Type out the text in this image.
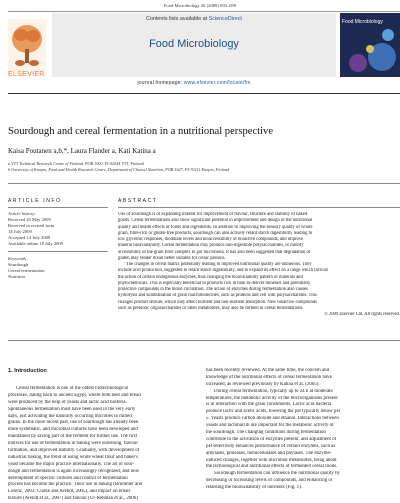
Food Microbiology 26 (2009) 693–699
ELSEVIER
Contents lists available at ScienceDirect
Food Microbiology
journal homepage: www.elsevier.com/locate/fm
Food Microbiology
Sourdough and cereal fermentation in a nutritional perspective
Kaisa Poutanen a,b,*, Laura Flander a, Kati Katina a
a VTT Technical Research Centre of Finland, POB 1000, FI-02044 VTT, Finland
b University of Kuopio, Food and Health Research Centre, Department of Clinical Nutrition, POB 1627, FI-70211 Kuopio, Finland
ARTICLE INFO
Article history:
Received 20 May 2009
Received in revised form
14 July 2009
Accepted 14 July 2009
Available online 18 July 2009
Keywords:
Sourdough
Cereal fermentation
Nutrition
ABSTRACT
Use of sourdough is of expanding interest for improvement of flavour, structure and stability of baked
goods. Cereal fermentations also show significant potential in improvement and design of the nutritional
quality and health effects of foods and ingredients. In addition to improving the sensory quality of whole
grain, fibre-rich or gluten-free products, sourdough can also actively retard starch digestibility leading to
low glycemic responses, modulate levels and bioaccessibility of bioactive compounds, and improve
mineral bioavailability. Cereal fermentation may produce non-digestible polysaccharides, or modify
accessibility of the grain fibre complex to gut microbiota. It has also been suggested that degradation of
gluten may render bread better suitable for celiac persons.
The changes in cereal matrix potentially leading to improved nutritional quality are numerous. They
include acid production, suggested to retard starch digestibility, and to expand its effect on a range which favours
the action of certain endogenous enzymes, thus changing the bioavailability pattern of minerals and
phytochemicals. This is especially beneficial in products rich in bran to deliver minerals and potentially
protective compounds in the blood circulation. The action of enzymes during fermentation also causes
hydrolysis and solubilisation of grain macromolecules, such as proteins and cell wall polysaccharides. This
changes product texture, which may affect nutrient and non-nutrient absorption. New bioactive compounds
such as prebiotic oligosaccharides or other metabolites, may also be formed in cereal fermentations.
© 2009 Elsevier Ltd. All rights reserved.
1. Introduction
Cereal fermentation is one of the oldest biotechnological
processes, dating back to ancient Egypt, where both beer and bread
were produced by the help of yeasts and lactic acid bacteria.
Spontaneous fermentation must have been used in the very early
days, just activating the naturally occurring microbes in milled
grains. In the more recent past, use of sourdough has already been
more systematic, and microbial cultures have been developed and
maintained by saving part of the ferment for further use. The first
motives for use of fermentation in baking were leavening, flavour
formation, and improved stability. Gradually, with development of
industrial baking, the trend of using white wheat flour and baker's
yeast became the major practice internationally. The art of sour-
dough and fermentation is again increasingly recognized, and now
development of specific cultures and control of fermentation
process has become the practice. Their use in baking (Brümmer and
Lorenz, 2003; Clarke and Arendt, 2005), and impact on bread
texture (Arendt et al., 2007) and flavour (Ur-Rehman et al., 2006)
has been recently reviewed. At the same time, the concern and
knowledge of the nutritional effects of cereal fermentation have
increased, as reviewed previously by Katina et al. (2005).
During cereal fermentation, typically up to 24 h at moderate
temperatures, the metabolic activity of the microorganisms present
is in interaction with the grain constituents. Lactic acid bacteria
produce lactic and acetic acids, lowering the pH typically below pH
5. Yeasts produce carbon dioxide and ethanol. Interactions between
yeasts and lactobacilli are important for the metabolic activity of
the sourdough. The changing conditions during fermentation
contribute to the activation of enzymes present, and adjustment of
pH selectively enhances performance of certain enzymes, such as
amylases, proteases, hemicellulases and phytases. The enzyme-
induced changes, together with microbial metabolites, bring about
the technological and nutritional effects of fermented cereal foods.
Sourdough fermentation can influence the nutritional quality by
decreasing or increasing levels of compounds, and enhancing or
retarding the bioavailability of nutrients (Fig. 1).
